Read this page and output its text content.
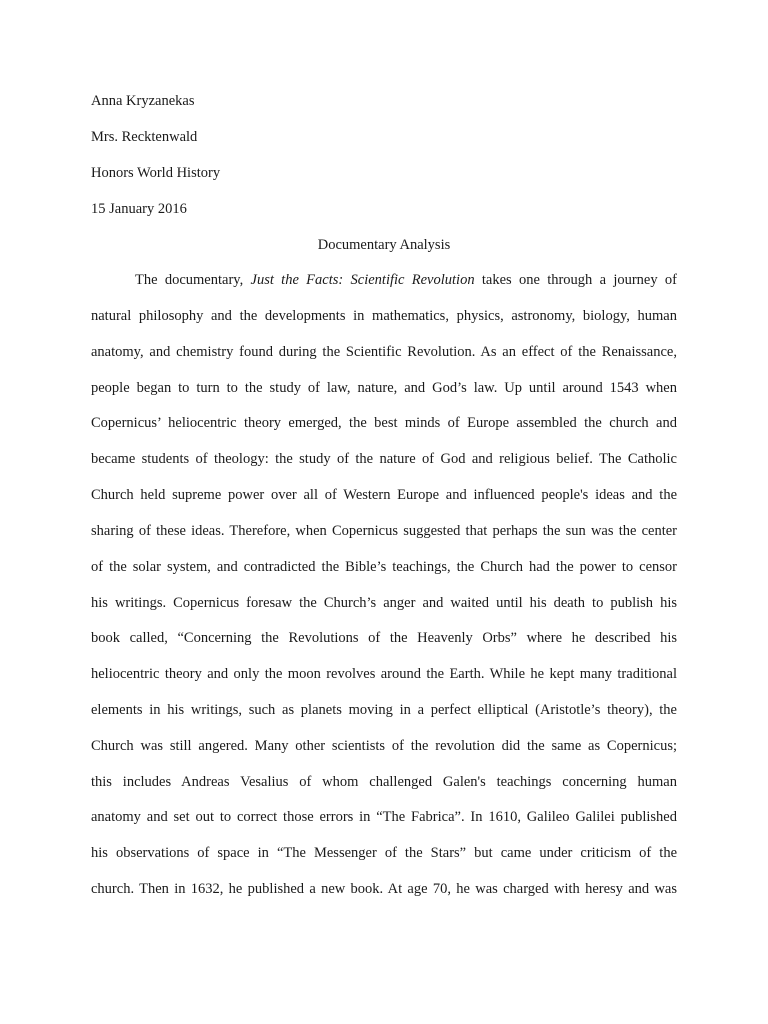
Anna Kryzanekas
Mrs. Recktenwald
Honors World History
15 January 2016
Documentary Analysis
The documentary, Just the Facts: Scientific Revolution takes one through a journey of
natural philosophy and the developments in mathematics, physics, astronomy, biology, human
anatomy, and chemistry found during the Scientific Revolution. As an effect of the Renaissance,
people began to turn to the study of law, nature, and God’s law. Up until around 1543 when
Copernicus’ heliocentric theory emerged, the best minds of Europe assembled the church and
became students of theology: the study of the nature of God and religious belief. The Catholic
Church held supreme power over all of Western Europe and influenced people's ideas and the
sharing of these ideas. Therefore, when Copernicus suggested that perhaps the sun was the center
of the solar system, and contradicted the Bible’s teachings, the Church had the power to censor
his writings. Copernicus foresaw the Church’s anger and waited until his death to publish his
book called, “Concerning the Revolutions of the Heavenly Orbs” where he described his
heliocentric theory and only the moon revolves around the Earth. While he kept many traditional
elements in his writings, such as planets moving in a perfect elliptical (Aristotle’s theory), the
Church was still angered. Many other scientists of the revolution did the same as Copernicus;
this includes Andreas Vesalius of whom challenged Galen's teachings concerning human
anatomy and set out to correct those errors in “The Fabrica”. In 1610, Galileo Galilei published
his observations of space in “The Messenger of the Stars” but came under criticism of the
church. Then in 1632, he published a new book. At age 70, he was charged with heresy and was
